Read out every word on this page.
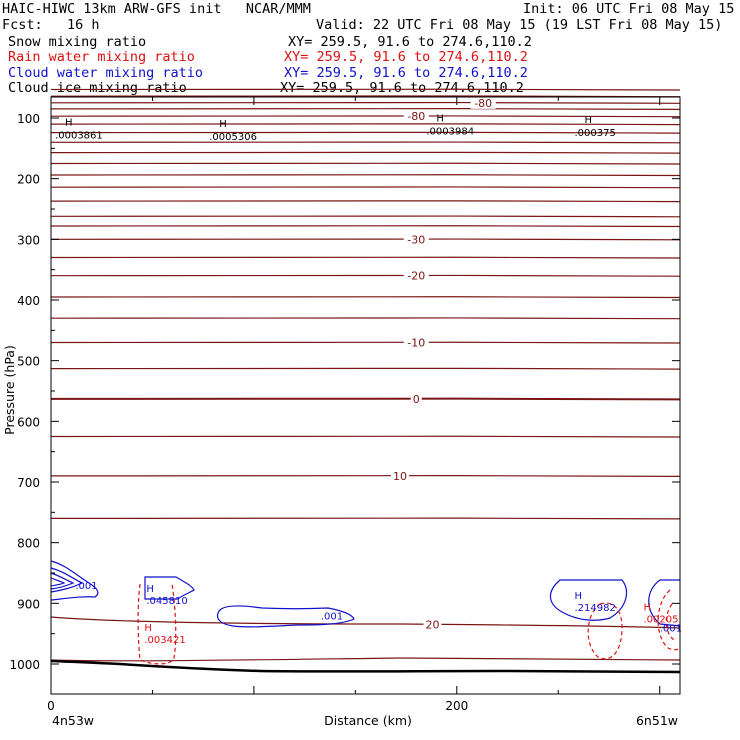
HAIC-HIWC 13km ARW-GFS init   NCAR/MMM	Init: 06 UTC Fri 08 May 15
Fcst:   16 h	Valid: 22 UTC Fri 08 May 15 (19 LST Fri 08 May 15)
Snow mixing ratio	XY= 259.5, 91.6 to 274.6,110.2
Rain water mixing ratio	XY= 259.5, 91.6 to 274.6,110.2
Cloud water mixing ratio	XY= 259.5, 91.6 to 274.6,110.2
Cloud ice mixing ratio	XY= 259.5, 91.6 to 274.6,110.2
-80
-80
-30
-20
-10
0
10
20
H
.0003861
H
.0005306
H
.0003984
H
.000375
.001	H
.045810
.001
H
.214982
.001
H
.003421
H
.00205
100
200
300
400
500
600
700
800
900
1000
0	200
Pressure (hPa)
Distance (km)
4n53w	6n51w
